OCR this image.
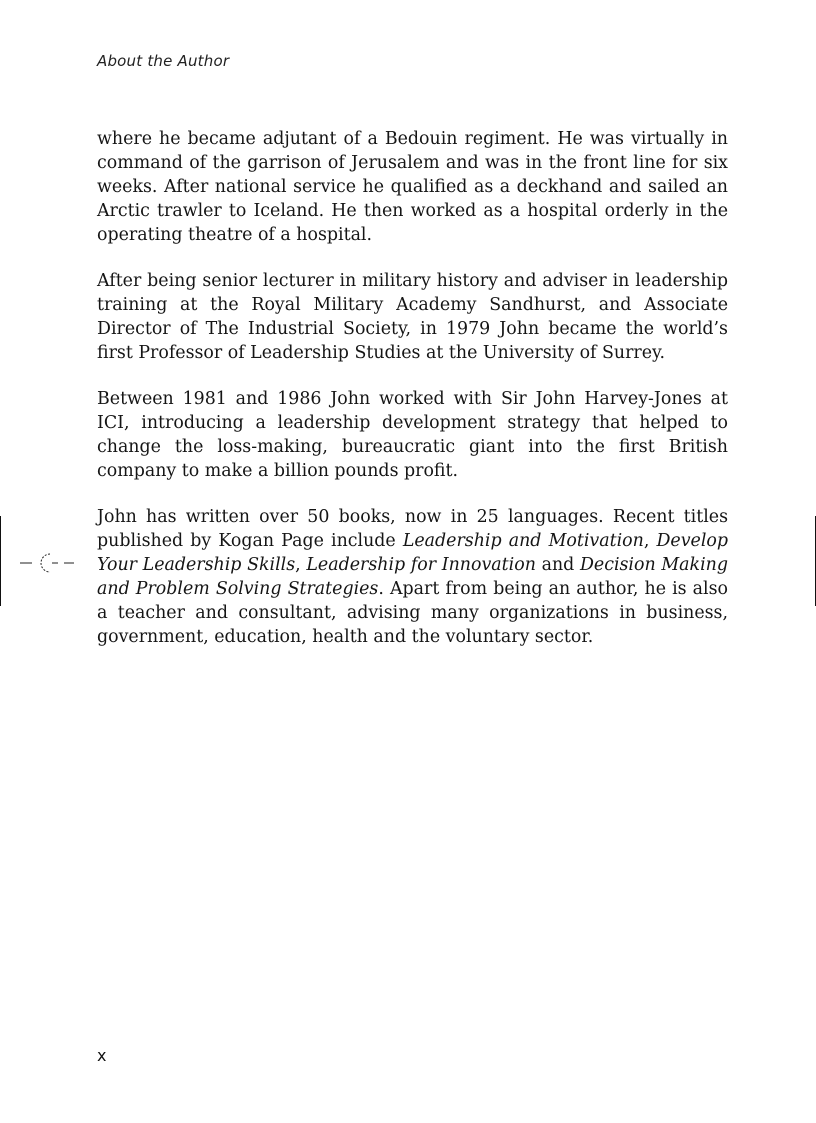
About the Author

where he became adjutant of a Bedouin regiment. He was virtually in command of the garrison of Jerusalem and was in the front line for six weeks. After national service he qualified as a deckhand and sailed an Arctic trawler to Iceland. He then worked as a hospital orderly in the operating theatre of a hospital.

After being senior lecturer in military history and adviser in leadership training at the Royal Military Academy Sandhurst, and Associate Director of The Industrial Society, in 1979 John became the world’s first Professor of Leadership Studies at the University of Surrey.

Between 1981 and 1986 John worked with Sir John Harvey-Jones at ICI, introducing a leadership development strategy that helped to change the loss-making, bureaucratic giant into the first British company to make a billion pounds profit.

John has written over 50 books, now in 25 languages. Recent titles published by Kogan Page include Leadership and Motivation, Develop Your Leadership Skills, Leadership for Innovation and Decision Making and Problem Solving Strategies. Apart from being an author, he is also a teacher and consultant, advising many organizations in business, government, education, health and the voluntary sector.

x
